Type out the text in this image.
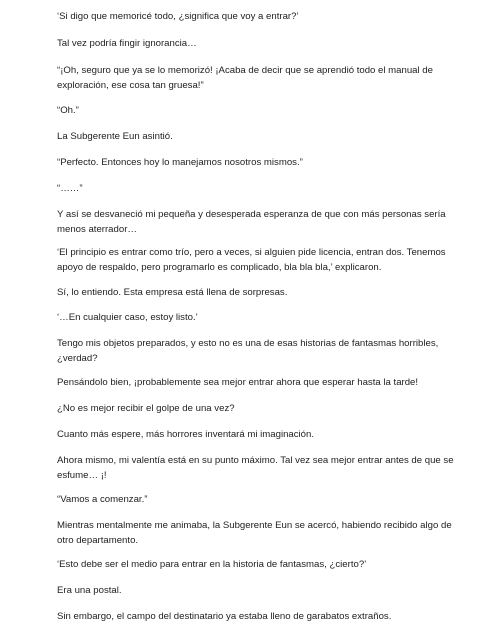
‘Si digo que memoricé todo, ¿significa que voy a entrar?’

Tal vez podría fingir ignorancia…

“¡Oh, seguro que ya se lo memorizó! ¡Acaba de decir que se aprendió todo el manual de exploración, ese cosa tan gruesa!”

“Oh.”

La Subgerente Eun asintió.

“Perfecto. Entonces hoy lo manejamos nosotros mismos.”

“……”

Y así se desvaneció mi pequeña y desesperada esperanza de que con más personas sería menos aterrador…

‘El principio es entrar como trío, pero a veces, si alguien pide licencia, entran dos. Tenemos apoyo de respaldo, pero programarlo es complicado, bla bla bla,’ explicaron.

Sí, lo entiendo. Esta empresa está llena de sorpresas.

‘…En cualquier caso, estoy listo.’

Tengo mis objetos preparados, y esto no es una de esas historias de fantasmas horribles, ¿verdad?

Pensándolo bien, ¡probablemente sea mejor entrar ahora que esperar hasta la tarde!

¿No es mejor recibir el golpe de una vez?

Cuanto más espere, más horrores inventará mi imaginación.

Ahora mismo, mi valentía está en su punto máximo. Tal vez sea mejor entrar antes de que se esfume… ¡!

“Vamos a comenzar.”

Mientras mentalmente me animaba, la Subgerente Eun se acercó, habiendo recibido algo de otro departamento.

‘Esto debe ser el medio para entrar en la historia de fantasmas, ¿cierto?’

Era una postal.

Sin embargo, el campo del destinatario ya estaba lleno de garabatos extraños.
